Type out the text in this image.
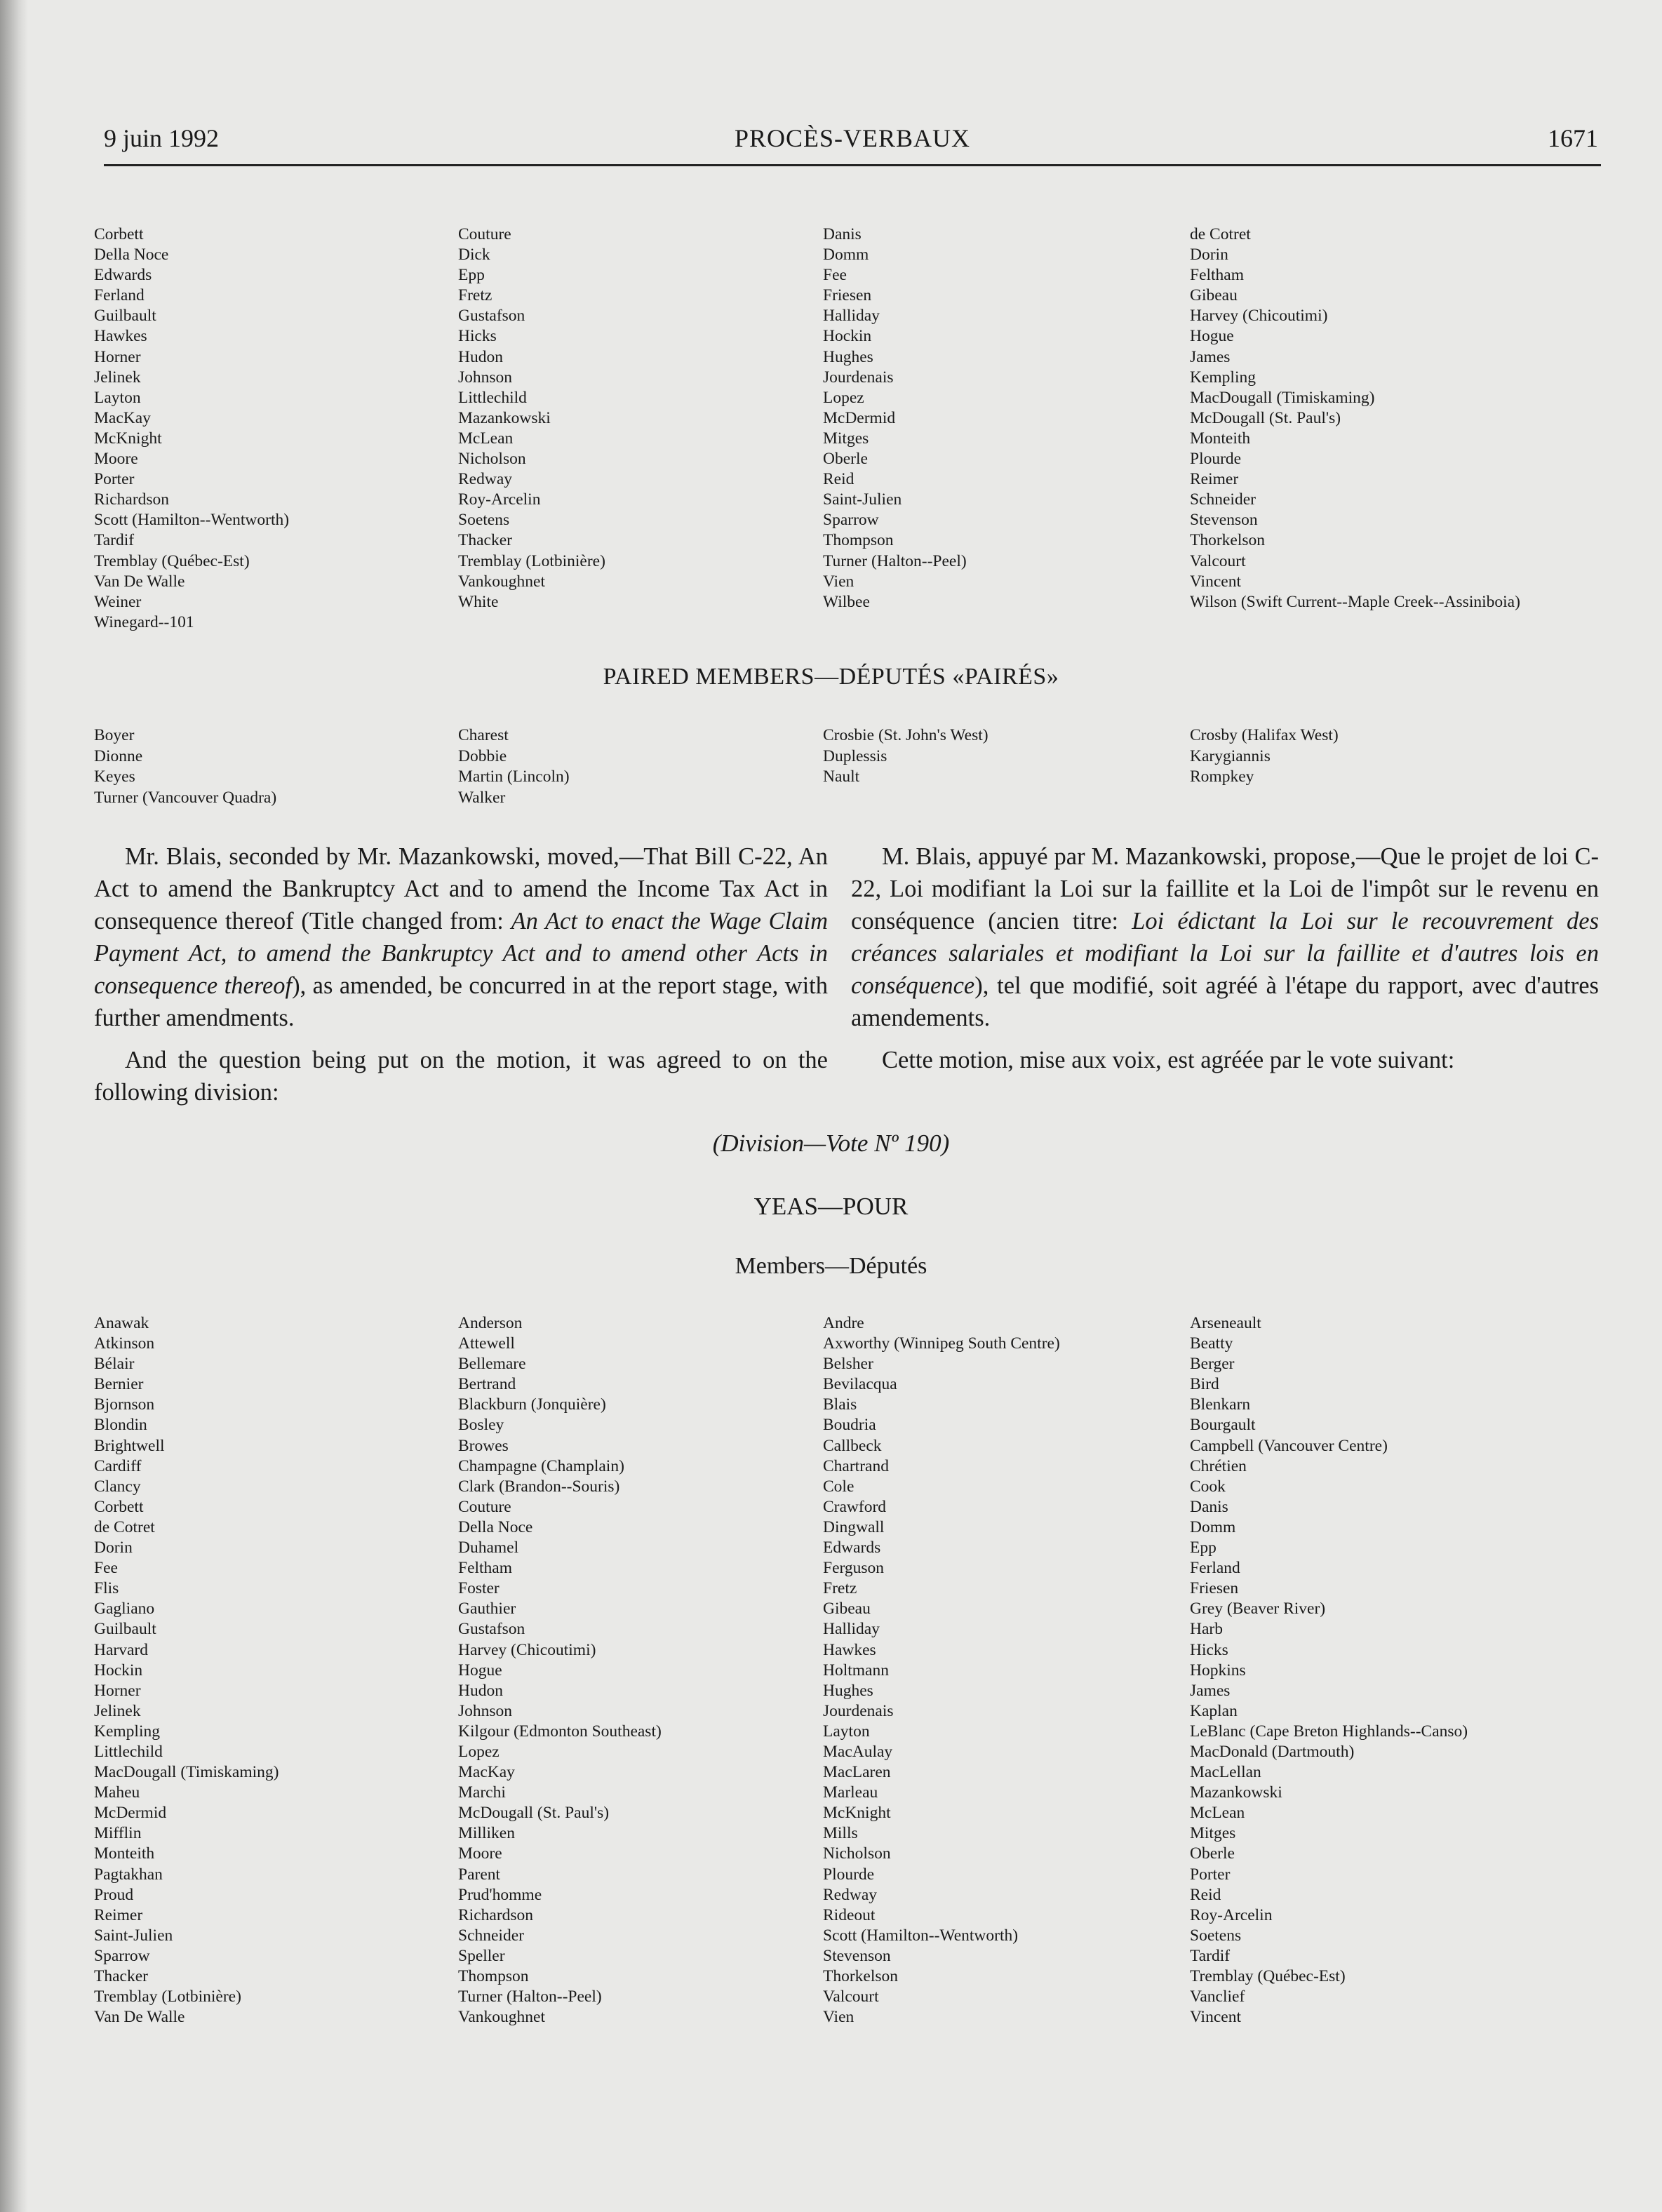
9 juin 1992	PROCÈS-VERBAUX	1671
Corbett
Della Noce
Edwards
Ferland
Guilbault
Hawkes
Horner
Jelinek
Layton
MacKay
McKnight
Moore
Porter
Richardson
Scott (Hamilton--Wentworth)
Tardif
Tremblay (Québec-Est)
Van De Walle
Weiner
Winegard--101
Couture
Dick
Epp
Fretz
Gustafson
Hicks
Hudon
Johnson
Littlechild
Mazankowski
McLean
Nicholson
Redway
Roy-Arcelin
Soetens
Thacker
Tremblay (Lotbinière)
Vankoughnet
White
Danis
Domm
Fee
Friesen
Halliday
Hockin
Hughes
Jourdenais
Lopez
McDermid
Mitges
Oberle
Reid
Saint-Julien
Sparrow
Thompson
Turner (Halton--Peel)
Vien
Wilbee
de Cotret
Dorin
Feltham
Gibeau
Harvey (Chicoutimi)
Hogue
James
Kempling
MacDougall (Timiskaming)
McDougall (St. Paul's)
Monteith
Plourde
Reimer
Schneider
Stevenson
Thorkelson
Valcourt
Vincent
Wilson (Swift Current--Maple Creek--Assiniboia)
PAIRED MEMBERS—DÉPUTÉS «PAIRÉS»
Boyer
Dionne
Keyes
Turner (Vancouver Quadra)
Charest
Dobbie
Martin (Lincoln)
Walker
Crosbie (St. John's West)
Duplessis
Nault
Crosby (Halifax West)
Karygiannis
Rompkey

Mr. Blais, seconded by Mr. Mazankowski, moved,—That Bill C-22, An Act to amend the Bankruptcy Act and to amend the Income Tax Act in consequence thereof (Title changed from: An Act to enact the Wage Claim Payment Act, to amend the Bankruptcy Act and to amend other Acts in consequence thereof), as amended, be concurred in at the report stage, with further amendments.

M. Blais, appuyé par M. Mazankowski, propose,—Que le projet de loi C-22, Loi modifiant la Loi sur la faillite et la Loi de l'impôt sur le revenu en conséquence (ancien titre: Loi édictant la Loi sur le recouvrement des créances salariales et modifiant la Loi sur la faillite et d'autres lois en conséquence), tel que modifié, soit agréé à l'étape du rapport, avec d'autres amendements.

And the question being put on the motion, it was agreed to on the following division:

Cette motion, mise aux voix, est agréée par le vote suivant:

(Division—Vote Nº 190)
YEAS—POUR
Members—Députés
Anawak
Atkinson
Bélair
Bernier
Bjornson
Blondin
Brightwell
Cardiff
Clancy
Corbett
de Cotret
Dorin
Fee
Flis
Gagliano
Guilbault
Harvard
Hockin
Horner
Jelinek
Kempling
Littlechild
MacDougall (Timiskaming)
Maheu
McDermid
Mifflin
Monteith
Pagtakhan
Proud
Reimer
Saint-Julien
Sparrow
Thacker
Tremblay (Lotbinière)
Van De Walle
Anderson
Attewell
Bellemare
Bertrand
Blackburn (Jonquière)
Bosley
Browes
Champagne (Champlain)
Clark (Brandon--Souris)
Couture
Della Noce
Duhamel
Feltham
Foster
Gauthier
Gustafson
Harvey (Chicoutimi)
Hogue
Hudon
Johnson
Kilgour (Edmonton Southeast)
Lopez
MacKay
Marchi
McDougall (St. Paul's)
Milliken
Moore
Parent
Prud'homme
Richardson
Schneider
Speller
Thompson
Turner (Halton--Peel)
Vankoughnet
Andre
Axworthy (Winnipeg South Centre)
Belsher
Bevilacqua
Blais
Boudria
Callbeck
Chartrand
Cole
Crawford
Dingwall
Edwards
Ferguson
Fretz
Gibeau
Halliday
Hawkes
Holtmann
Hughes
Jourdenais
Layton
MacAulay
MacLaren
Marleau
McKnight
Mills
Nicholson
Plourde
Redway
Rideout
Scott (Hamilton--Wentworth)
Stevenson
Thorkelson
Valcourt
Vien
Arseneault
Beatty
Berger
Bird
Blenkarn
Bourgault
Campbell (Vancouver Centre)
Chrétien
Cook
Danis
Domm
Epp
Ferland
Friesen
Grey (Beaver River)
Harb
Hicks
Hopkins
James
Kaplan
LeBlanc (Cape Breton Highlands--Canso)
MacDonald (Dartmouth)
MacLellan
Mazankowski
McLean
Mitges
Oberle
Porter
Reid
Roy-Arcelin
Soetens
Tardif
Tremblay (Québec-Est)
Vanclief
Vincent
